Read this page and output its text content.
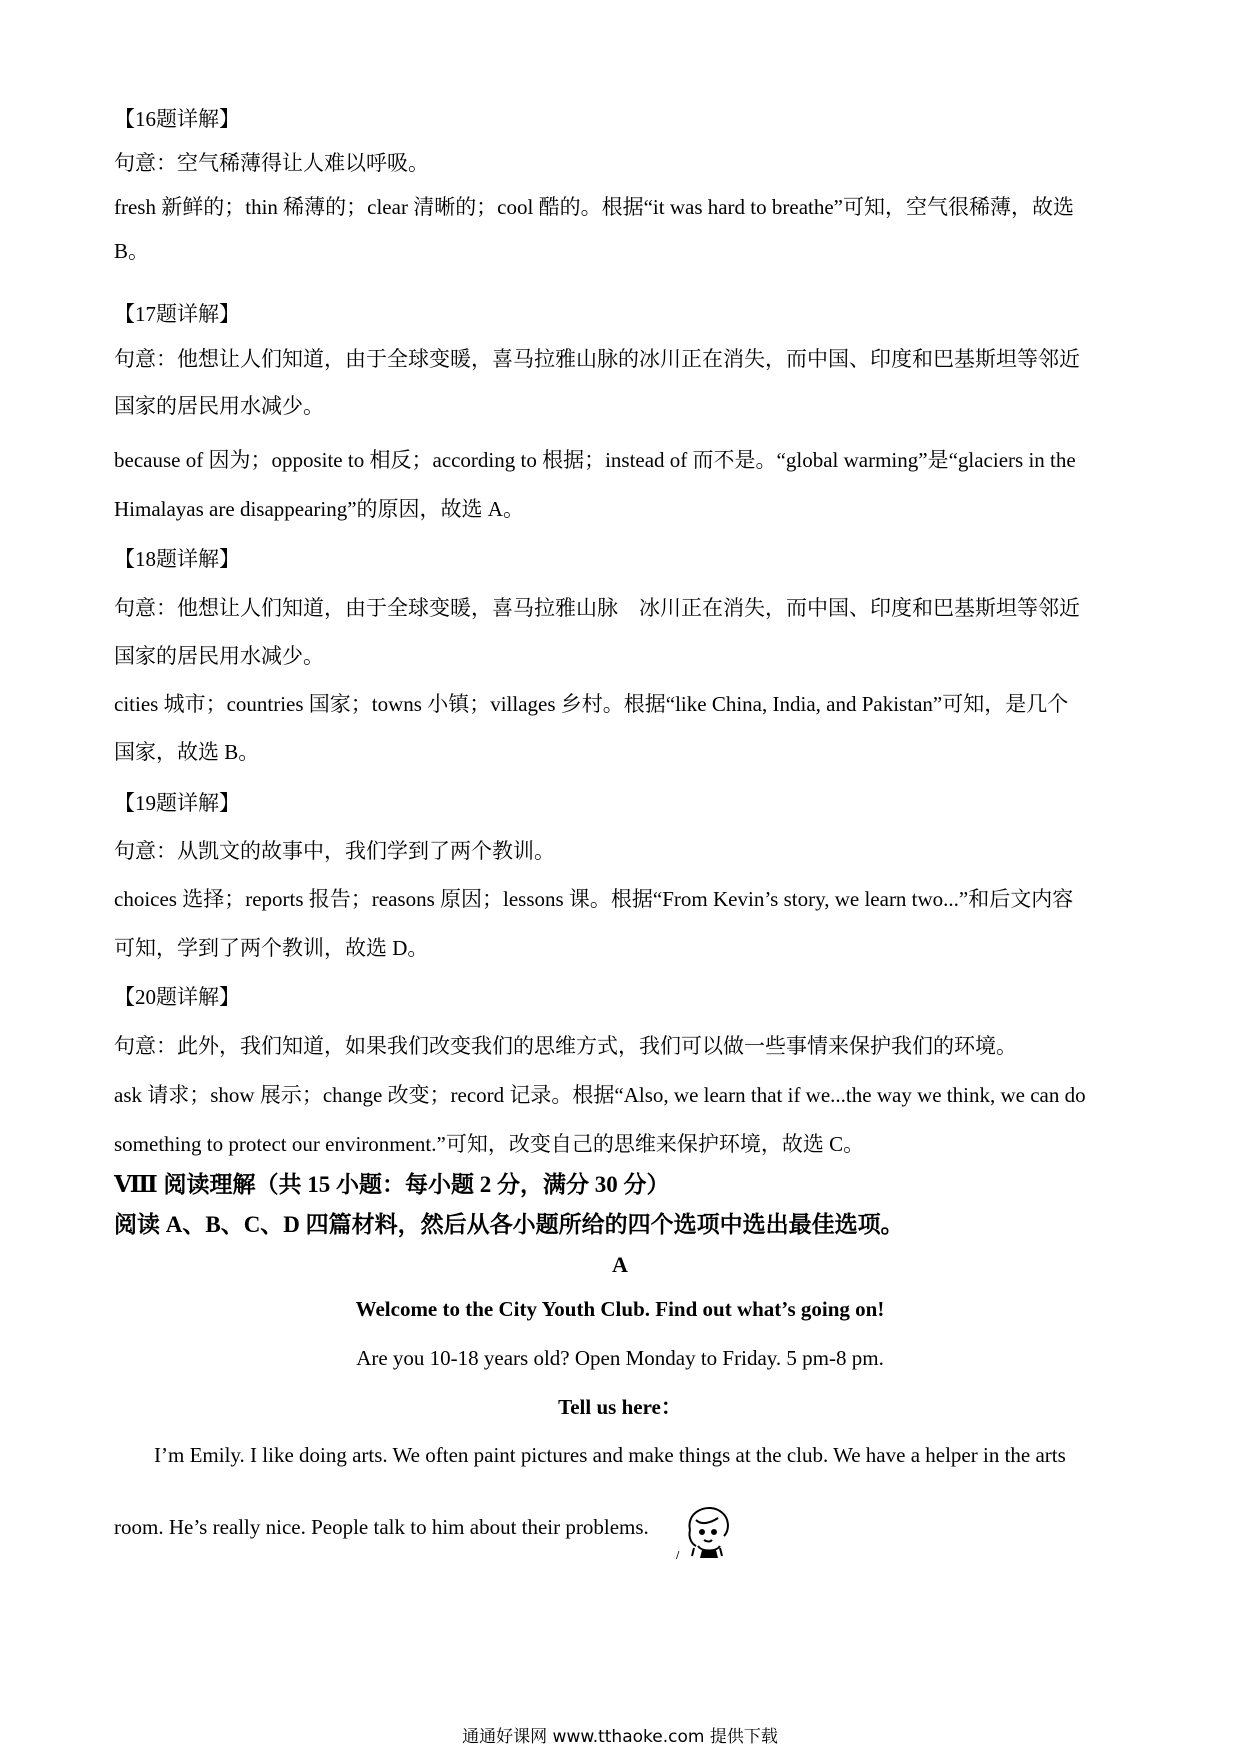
【16题详解】
句意：空气稀薄得让人难以呼吸。
fresh 新鲜的；thin 稀薄的；clear 清晰的；cool 酷的。根据“it was hard to breathe”可知，空气很稀薄，故选
B。
【17题详解】
句意：他想让人们知道，由于全球变暖，喜马拉雅山脉的冰川正在消失，而中国、印度和巴基斯坦等邻近
国家的居民用水减少。
because of 因为；opposite to 相反；according to 根据；instead of 而不是。“global warming”是“glaciers in the
Himalayas are disappearing”的原因，故选 A。
【18题详解】
句意：他想让人们知道，由于全球变暖，喜马拉雅山脉　冰川正在消失，而中国、印度和巴基斯坦等邻近
国家的居民用水减少。
cities 城市；countries 国家；towns 小镇；villages 乡村。根据“like China, India, and Pakistan”可知，是几个
国家，故选 B。
【19题详解】
句意：从凯文的故事中，我们学到了两个教训。
choices 选择；reports 报告；reasons 原因；lessons 课。根据“From Kevin’s story, we learn two...”和后文内容
可知，学到了两个教训，故选 D。
【20题详解】
句意：此外，我们知道，如果我们改变我们的思维方式，我们可以做一些事情来保护我们的环境。
ask 请求；show 展示；change 改变；record 记录。根据“Also, we learn that if we...the way we think, we can do
something to protect our environment.”可知，改变自己的思维来保护环境，故选 C。
Ⅷ 阅读理解（共 15 小题：每小题 2 分，满分 30 分）
阅读 A、B、C、D 四篇材料，然后从各小题所给的四个选项中选出最佳选项。
A
Welcome to the City Youth Club. Find out what’s going on!
Are you 10-18 years old? Open Monday to Friday. 5 pm-8 pm.
Tell us here：
I’m Emily. I like doing arts. We often paint pictures and make things at the club. We have a helper in the arts
room. He’s really nice. People talk to him about their problems.
/
通通好课网 www.tthaoke.com 提供下载
